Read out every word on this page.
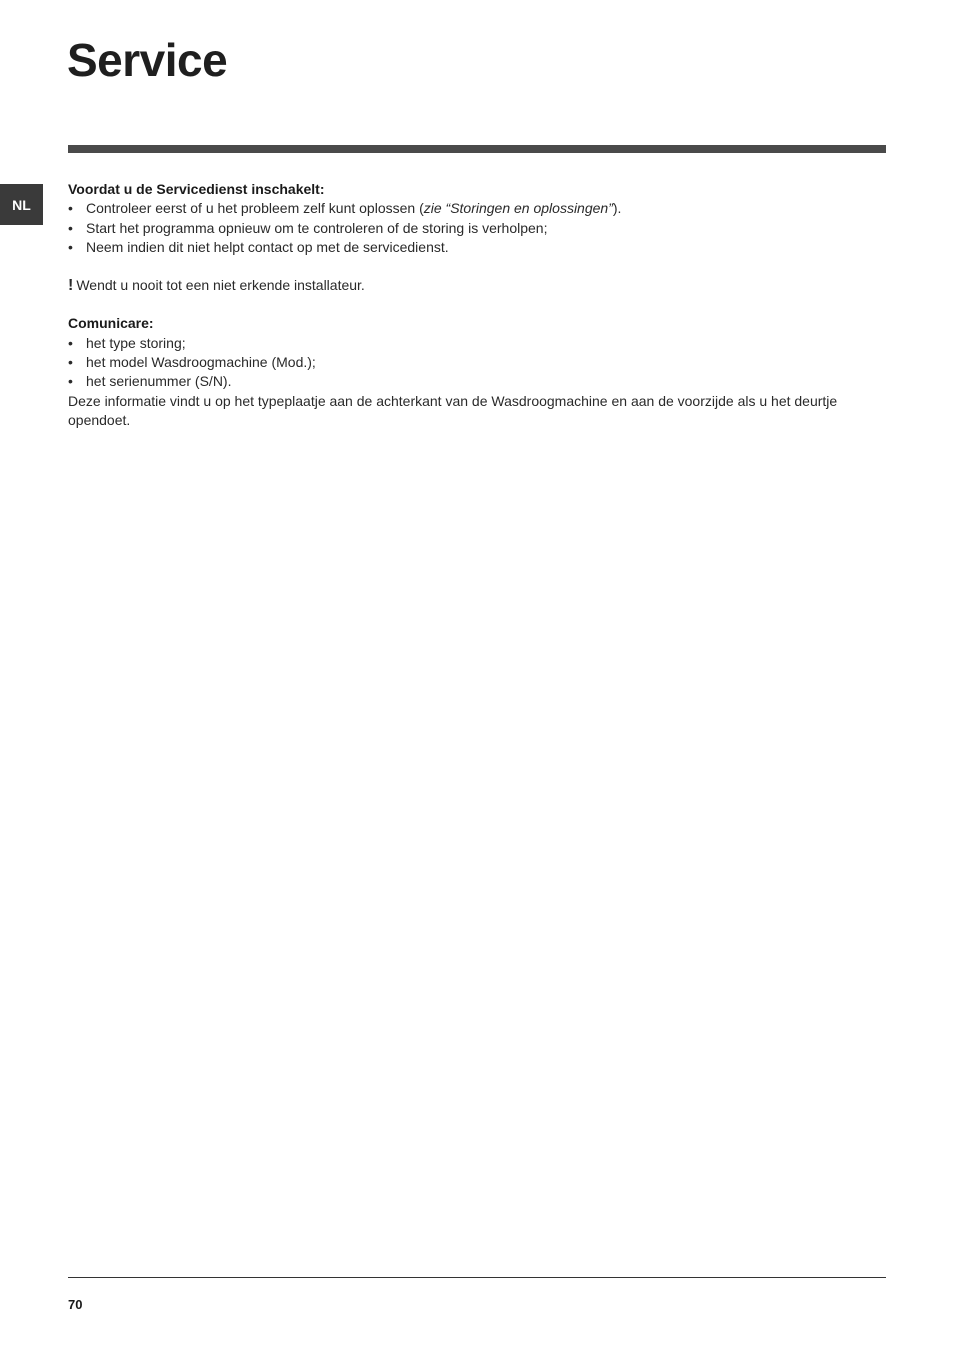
Service
NL

Voordat u de Servicedienst inschakelt:

• Controleer eerst of u het probleem zelf kunt oplossen (zie “Storingen en oplossingen”).
• Start het programma opnieuw om te controleren of de storing is verholpen;
• Neem indien dit niet helpt contact op met de servicedienst.

! Wendt u nooit tot een niet erkende installateur.

Comunicare:

• het type storing;
• het model Wasdroogmachine (Mod.);
• het serienummer (S/N).

Deze informatie vindt u op het typeplaatje aan de achterkant van de Wasdroogmachine en aan de voorzijde als u het deurtje opendoet.

70
